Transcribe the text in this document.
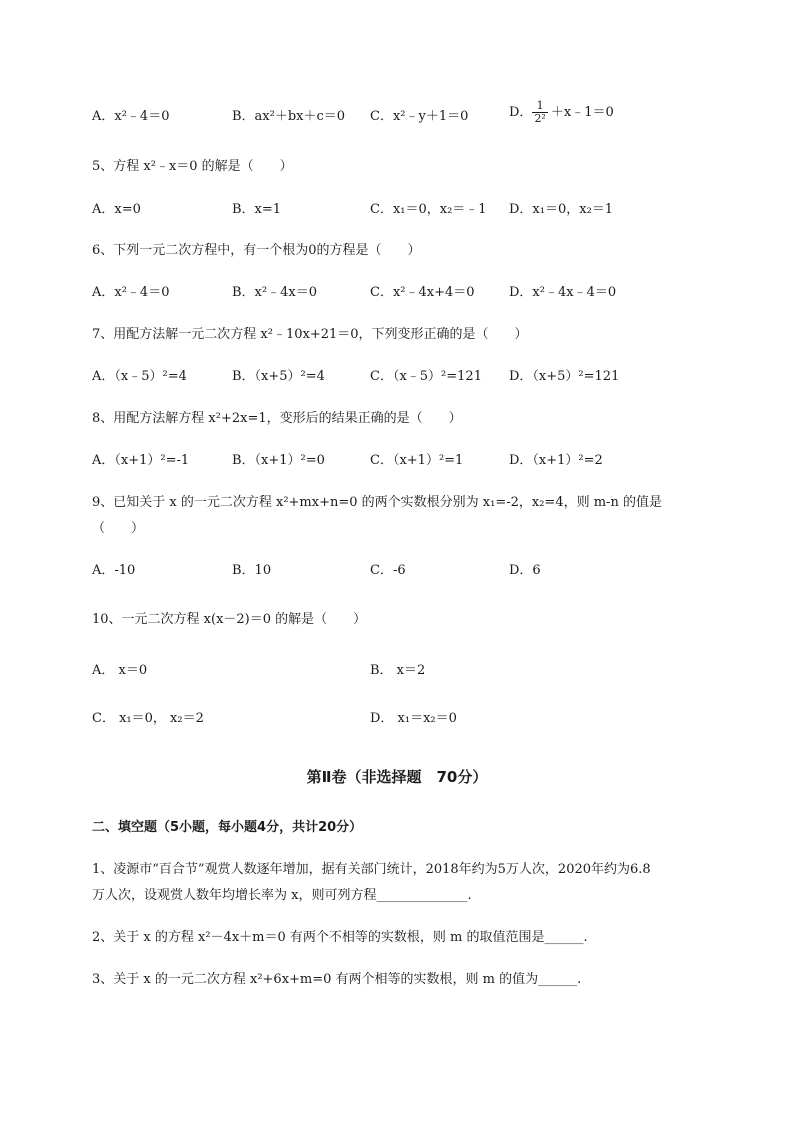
A．x²﹣4＝0	B．ax²＋bx＋c＝0 C．x²﹣y＋1＝0	D． $\frac{1}{\text{2²}}$ ＋x﹣1＝0
5、方程 x²﹣x＝0 的解是（　　）
A．x=0	B．x=1	C．x₁＝0，x₂＝﹣1 D．x₁＝0，x₂＝1
6、下列一元二次方程中，有一个根为0的方程是（　　）
A．x²﹣4＝0	B．x²﹣4x＝0	C．x²﹣4x+4＝0	D．x²﹣4x﹣4＝0
7、用配方法解一元二次方程 x²﹣10x+21＝0，下列变形正确的是（　　）
A．（x﹣5）²=4	B．（x+5）²=4	C．（x﹣5）²=121 D．（x+5）²=121
8、用配方法解方程 x²+2x=1，变形后的结果正确的是（　　）
A．（x+1）²=-1	B．（x+1）²=0	C．（x+1）²=1	D．（x+1）²=2
9、已知关于 x 的一元二次方程 x²+mx+n=0 的两个实数根分别为 x₁=-2，x₂=4，则 m-n 的值是
（　　）
A．-10	B．10	C．-6	D．6
10、一元二次方程 x(x－2)＝0 的解是（　　）
A． x＝0	B． x＝2
C． x₁＝0， x₂＝2	D． x₁＝x₂＝0
第Ⅱ卷（非选择题　70分）
二、填空题（5小题，每小题4分，共计20分）
1、凌源市“百合节”观赏人数逐年增加，据有关部门统计，2018年约为5万人次，2020年约为6.8
万人次，设观赏人数年均增长率为 x，则可列方程______________.
2、关于 x 的方程 x²－4x＋m＝0 有两个不相等的实数根，则 m 的取值范围是______.
3、关于 x 的一元二次方程 x²+6x+m=0 有两个相等的实数根，则 m 的值为______.
